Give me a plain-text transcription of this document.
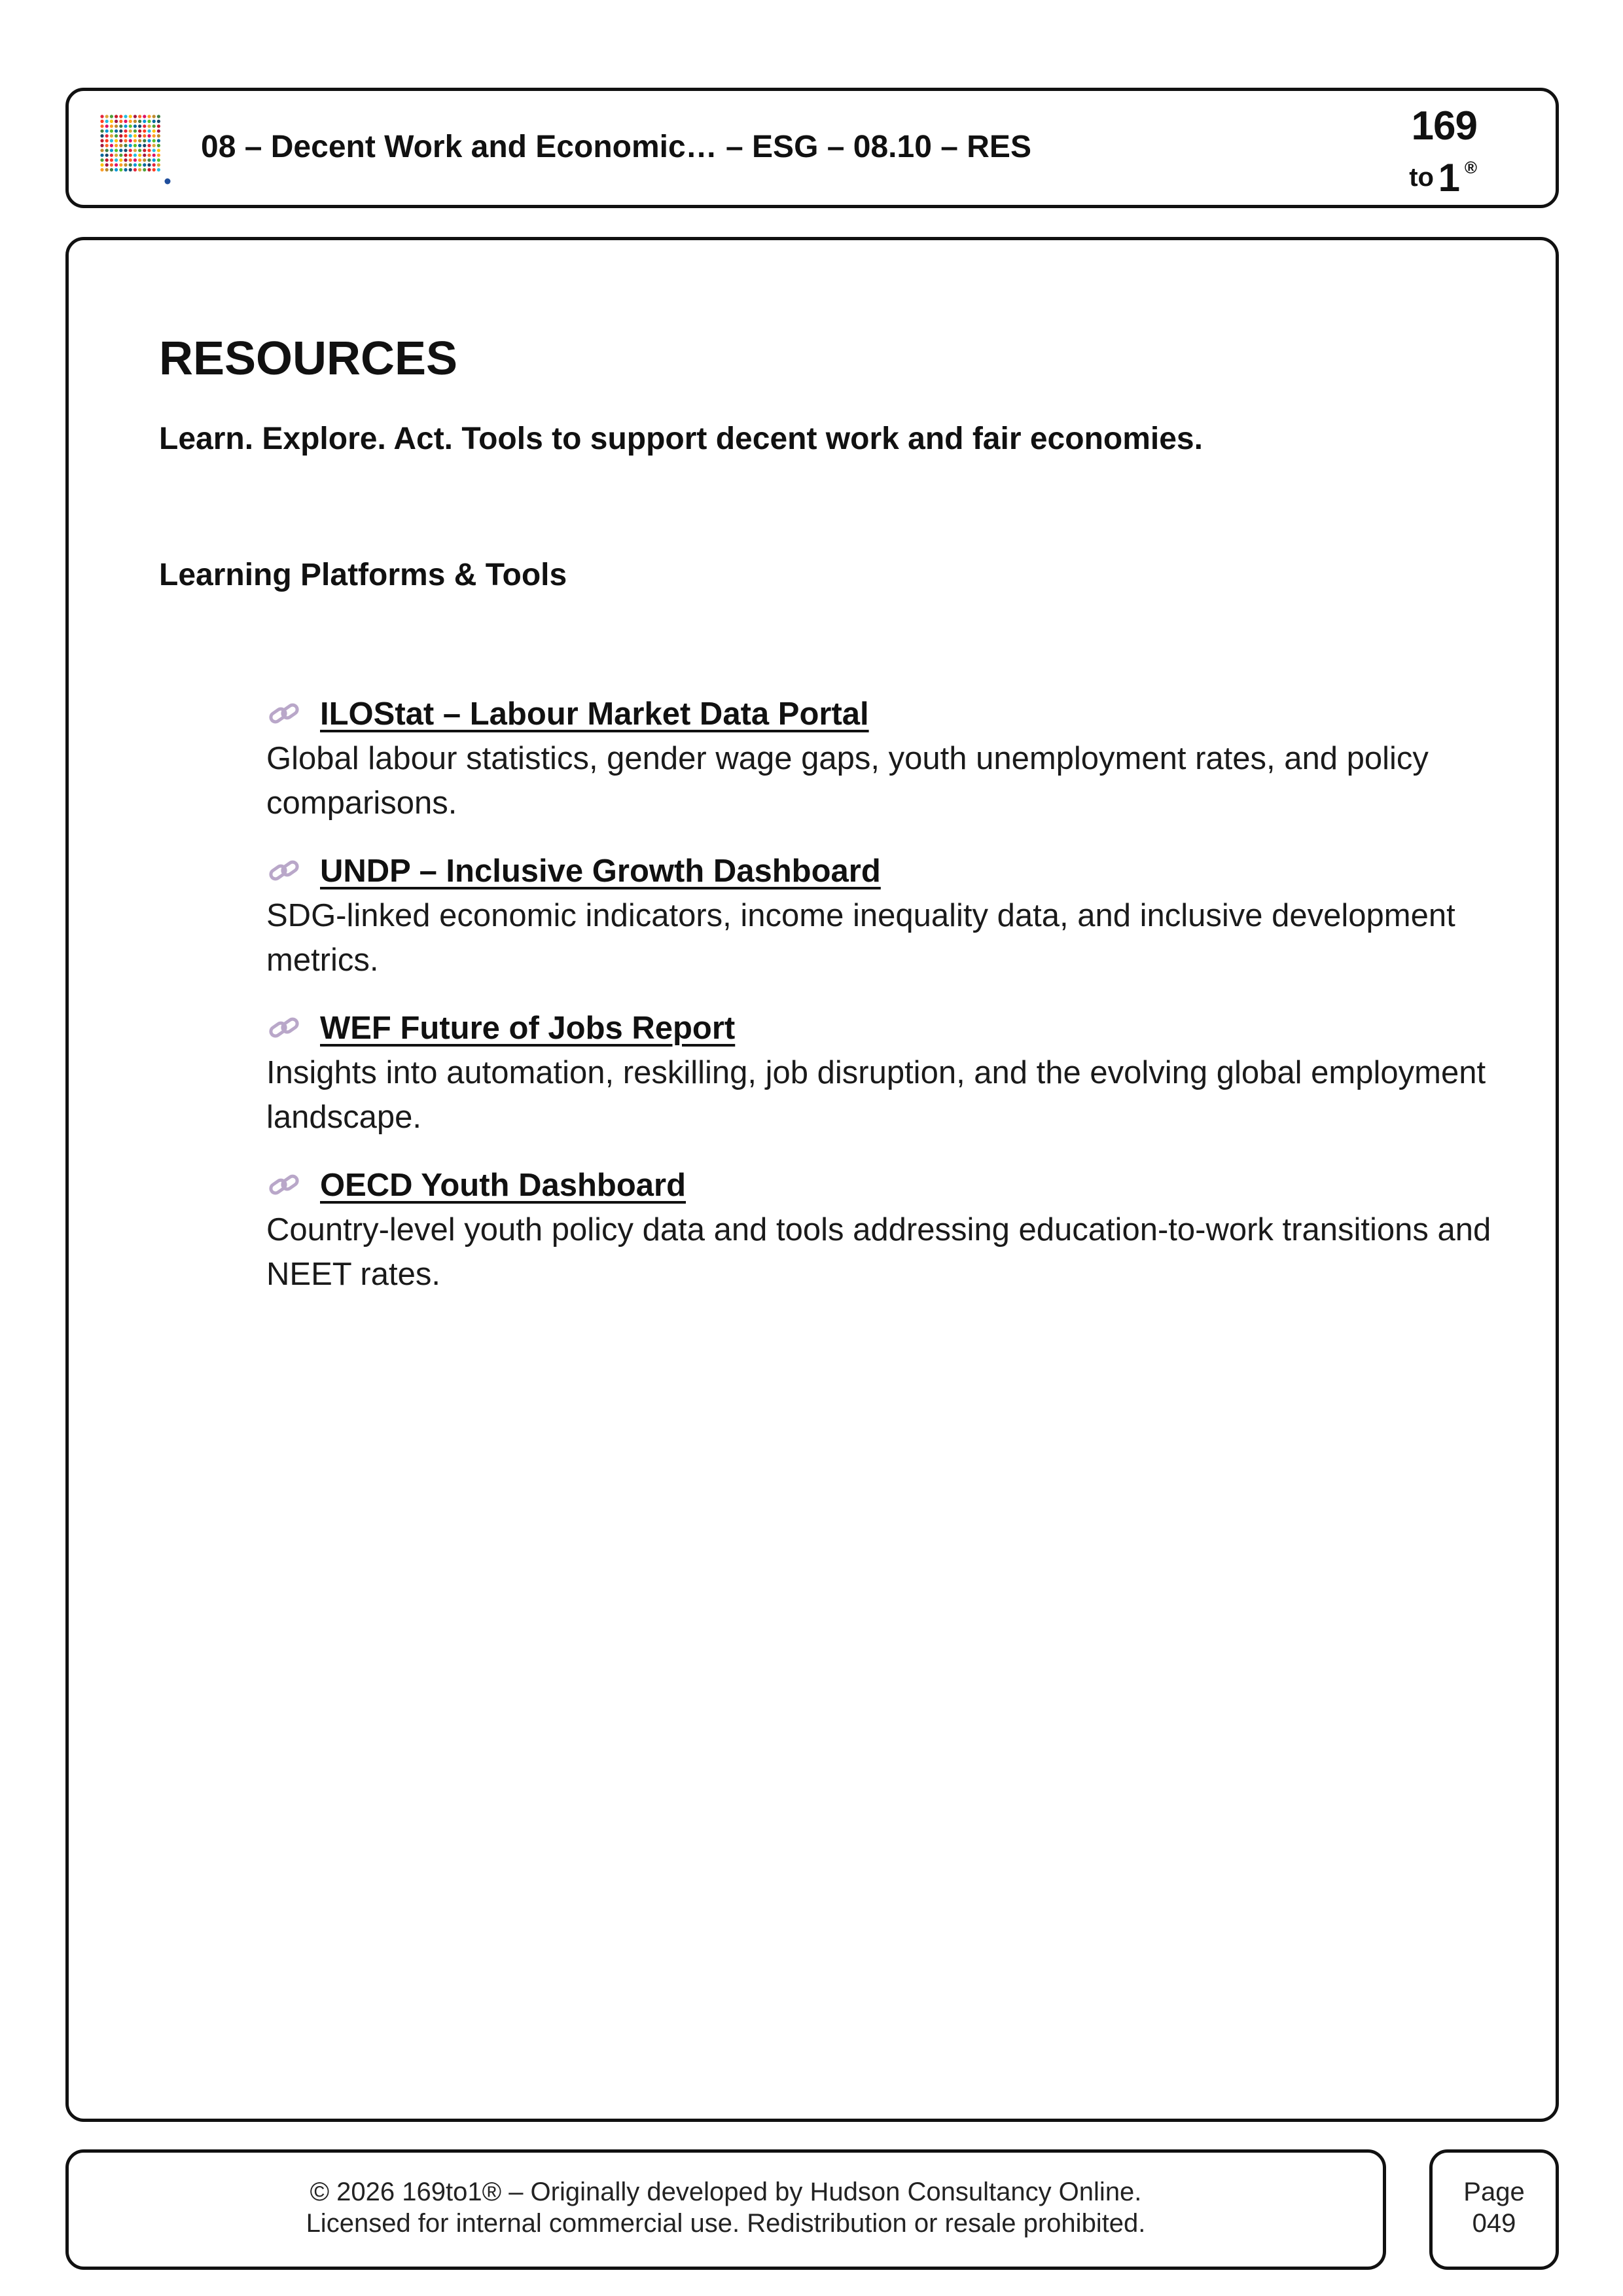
08 – Decent Work and Economic… – ESG – 08.10 – RES	169
to 1 ®
RESOURCES

Learn. Explore. Act. Tools to support decent work and fair economies.

Learning Platforms & Tools
ILOStat – Labour Market Data Portal

Global labour statistics, gender wage gaps, youth unemployment rates, and policy comparisons.

UNDP – Inclusive Growth Dashboard

SDG-linked economic indicators, income inequality data, and inclusive development metrics.

WEF Future of Jobs Report

Insights into automation, reskilling, job disruption, and the evolving global employment landscape.

OECD Youth Dashboard

Country-level youth policy data and tools addressing education-to-work transitions and NEET rates.

© 2026 169to1® – Originally developed by Hudson Consultancy Online.
Licensed for internal commercial use. Redistribution or resale prohibited.
Page
049
